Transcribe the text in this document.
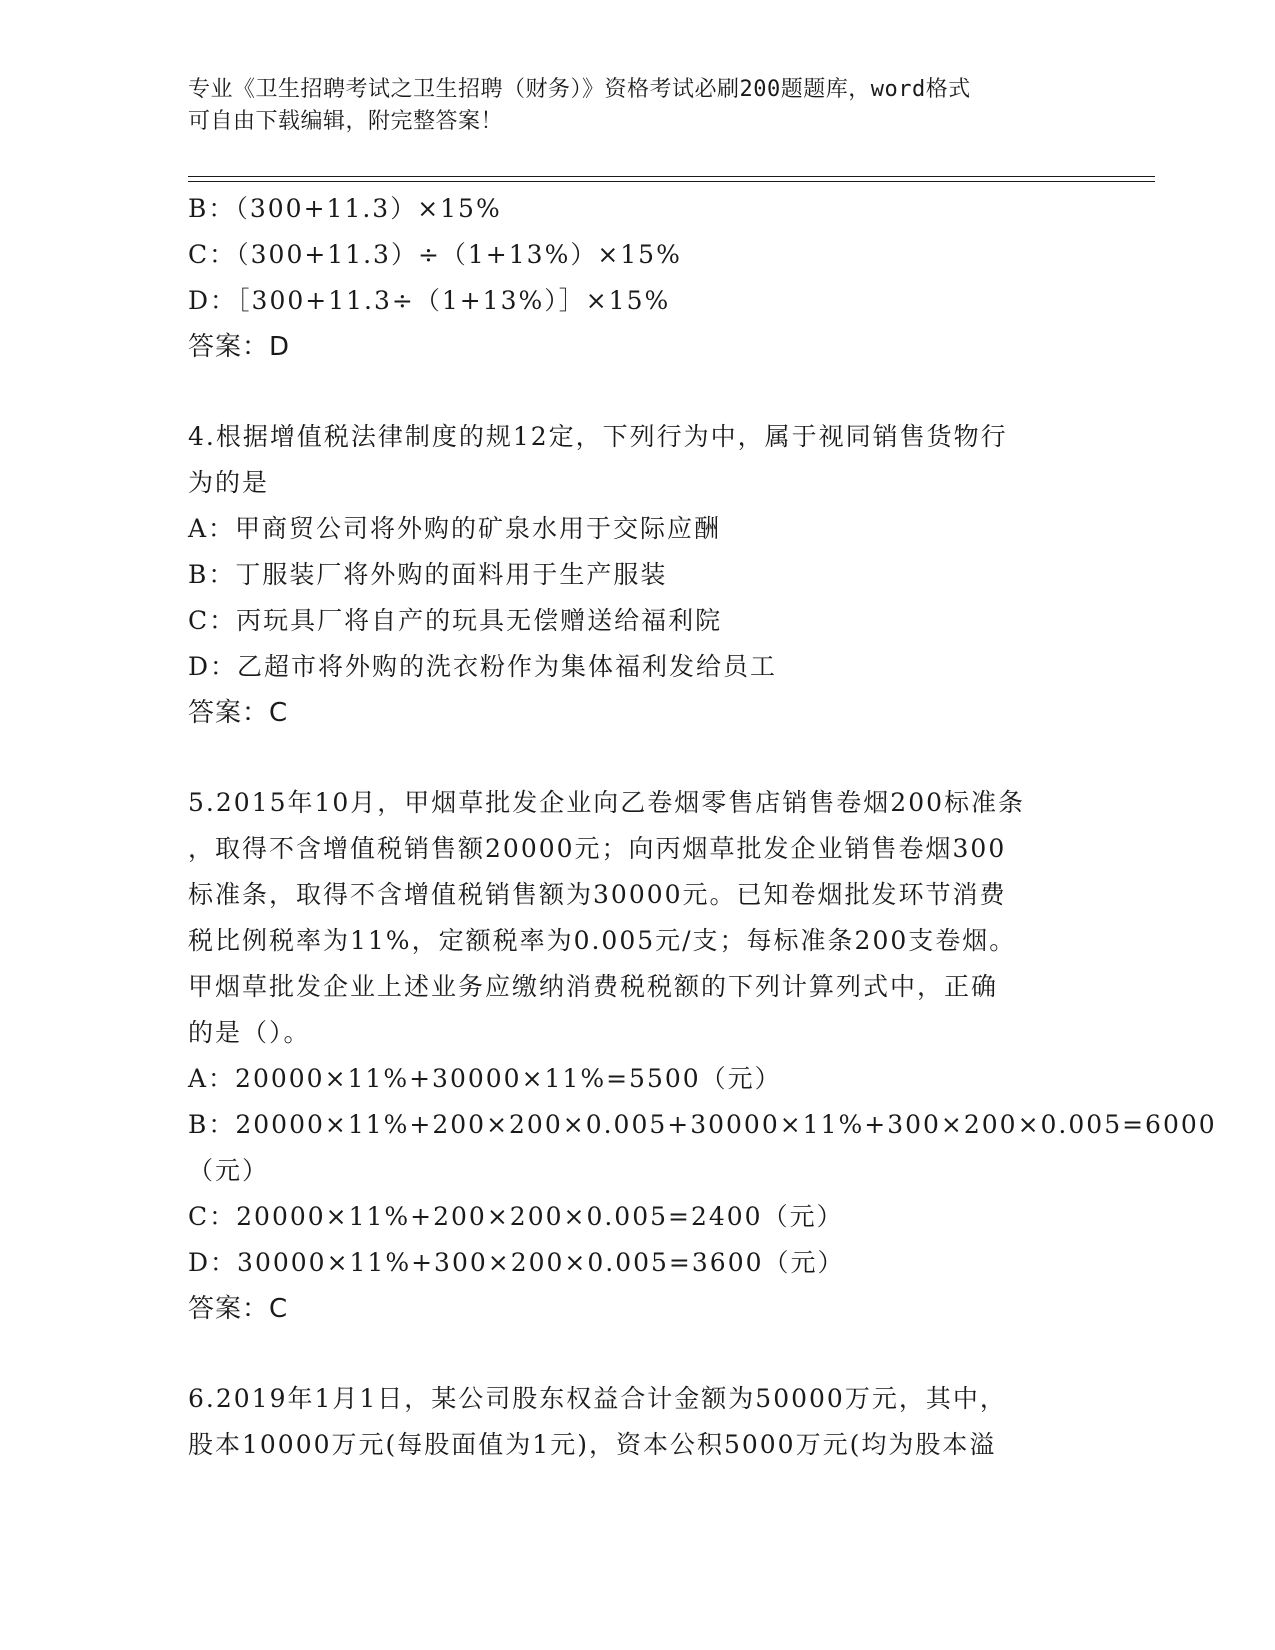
专业《卫生招聘考试之卫生招聘（财务）》资格考试必刷200题题库，word格式
可自由下载编辑，附完整答案！
B：（300+11.3）×15%
C：（300+11.3）÷（1+13%）×15%
D：［300+11.3÷（1+13%）］×15%
答案：D
4.根据增值税法律制度的规12定，下列行为中，属于视同销售货物行
为的是
A：甲商贸公司将外购的矿泉水用于交际应酬
B：丁服装厂将外购的面料用于生产服装
C：丙玩具厂将自产的玩具无偿赠送给福利院
D：乙超市将外购的洗衣粉作为集体福利发给员工
答案：C
5.2015年10月，甲烟草批发企业向乙卷烟零售店销售卷烟200标准条
，取得不含增值税销售额20000元；向丙烟草批发企业销售卷烟300
标准条，取得不含增值税销售额为30000元。已知卷烟批发环节消费
税比例税率为11%，定额税率为0.005元/支；每标准条200支卷烟。
甲烟草批发企业上述业务应缴纳消费税税额的下列计算列式中，正确
的是（）。
A：20000×11%+30000×11%=5500（元）
B：20000×11%+200×200×0.005+30000×11%+300×200×0.005=6000
（元）
C：20000×11%+200×200×0.005=2400（元）
D：30000×11%+300×200×0.005=3600（元）
答案：C
6.2019年1月1日，某公司股东权益合计金额为50000万元，其中，
股本10000万元(每股面值为1元)，资本公积5000万元(均为股本溢
